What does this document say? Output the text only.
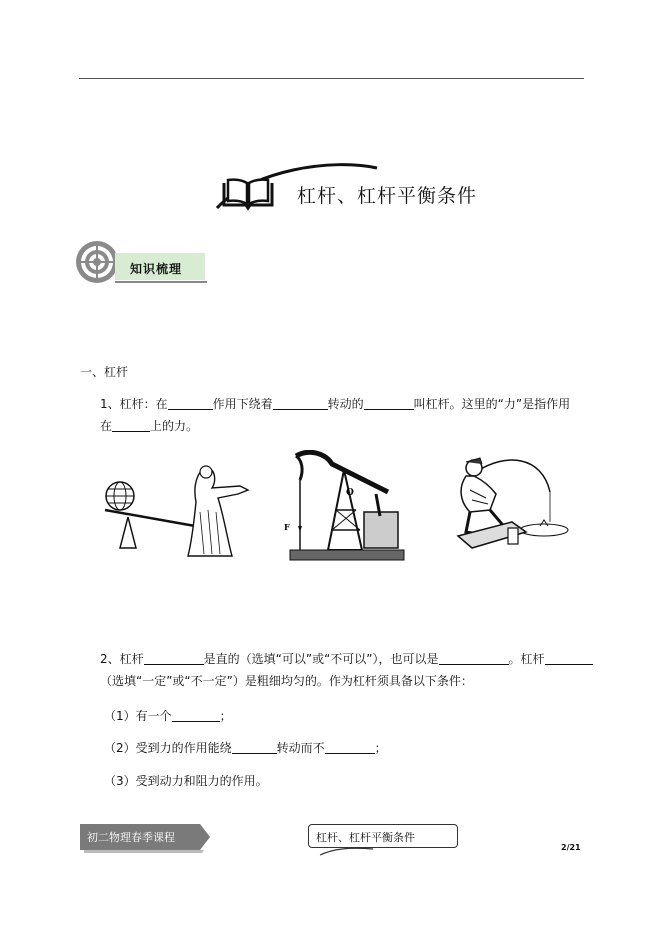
杠杆、杠杆平衡条件
知识梳理
一、杠杆
1、杠杆：在	作用下绕着	转动的	叫杠杆。这里的“力”是指作用
在	上的力。
O
F
2、杠杆	是直的（选填“可以”或“不可以”），也可以是	。杠杆
（选填“一定”或“不一定”）是粗细均匀的。作为杠杆须具备以下条件：
（1）有一个	；
（2）受到力的作用能绕	转动而不	；
（3）受到动力和阻力的作用。
初二物理春季课程	杠杆、杠杆平衡条件
2/21
